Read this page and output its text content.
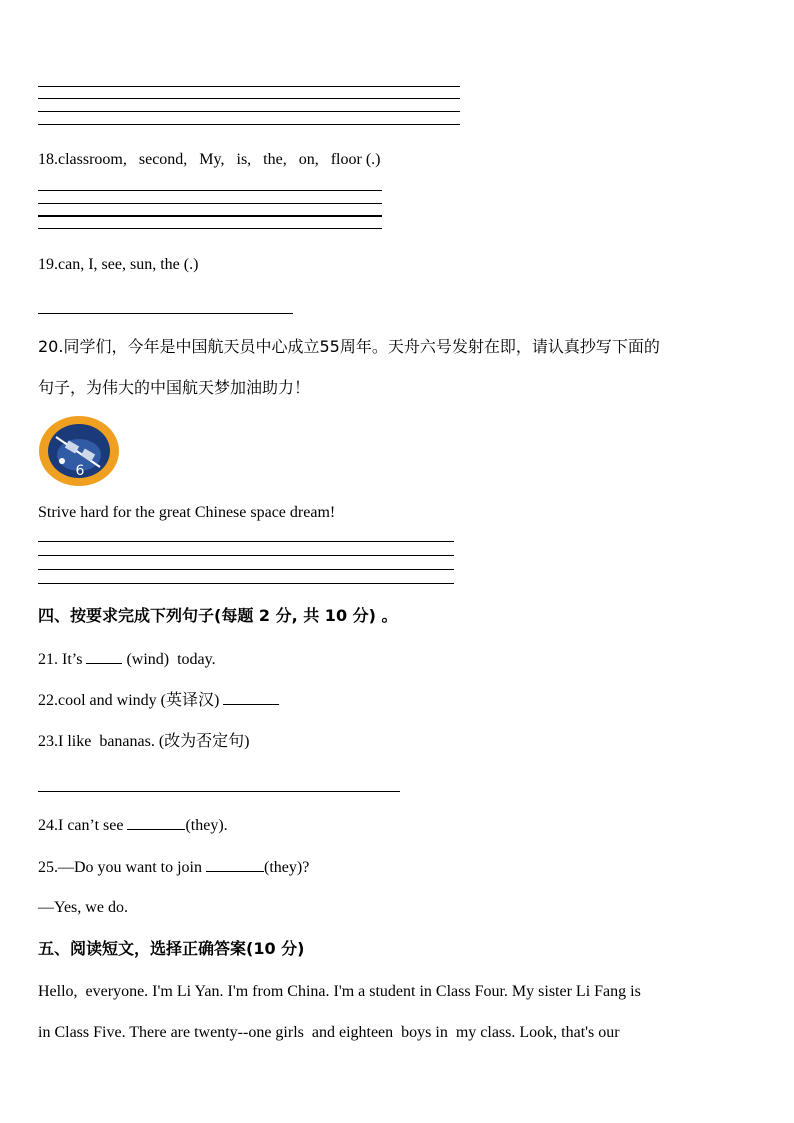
18.classroom,   second,   My,   is,   the,   on,   floor (.)
19.can, I, see, sun, the (.)
20.同学们，今年是中国航天员中心成立55周年。天舟六号发射在即，请认真抄写下面的
句子，为伟大的中国航天梦加油助力！
6
Strive hard for the great Chinese space dream!
四、按要求完成下列句子(每题 2 分, 共 10 分) 。
21. It’s	(wind)  today.
22.cool and windy (英译汉)
23.I like  bananas. (改为否定句)
24.I can’t see	(they).
25.—Do you want to join	(they)?
—Yes, we do.
五、阅读短文，选择正确答案(10 分)
Hello,  everyone. I'm Li Yan. I'm from China. I'm a student in Class Four. My sister Li Fang is
in Class Five. There are twenty--one girls  and eighteen  boys in  my class. Look, that's our
